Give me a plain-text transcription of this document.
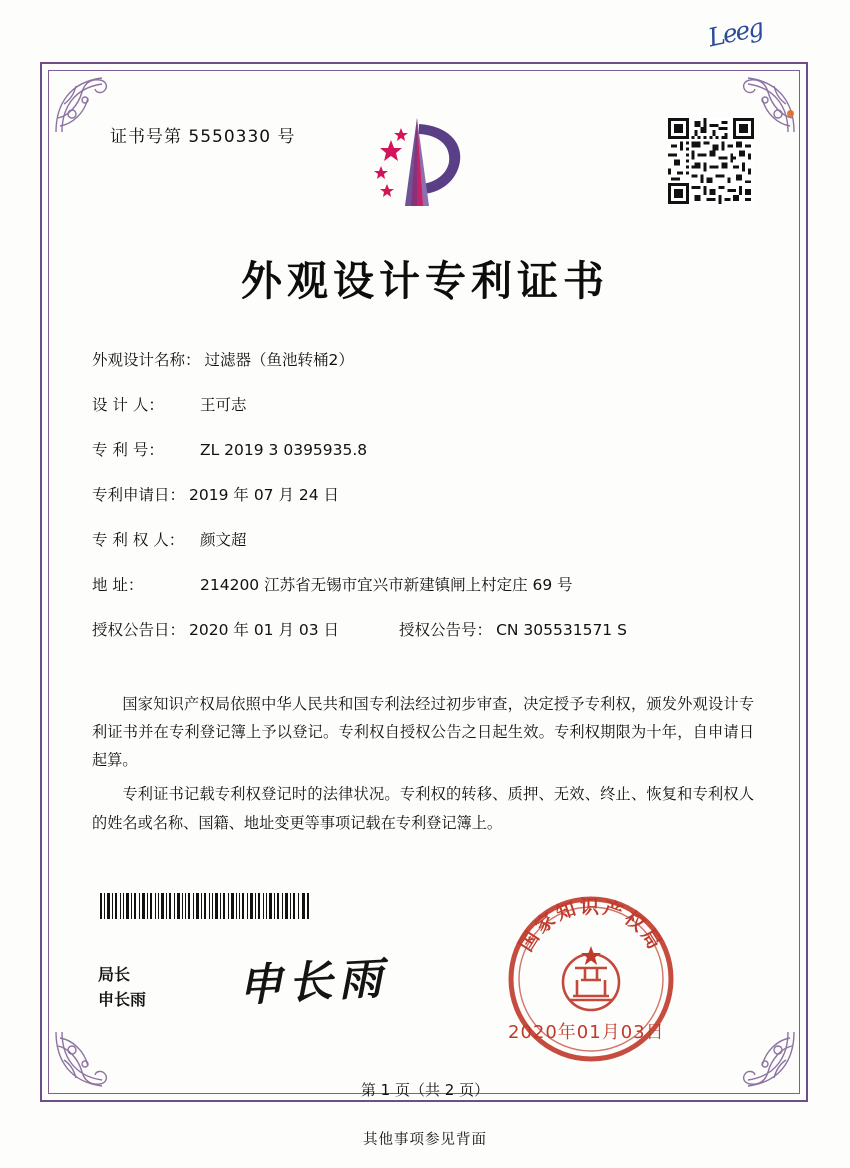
Leeg
证书号第 5550330 号
外观设计专利证书
外观设计名称： 过滤器（鱼池转桶2）
设 计 人：	王可志
专 利 号：	ZL 2019 3 0395935.8
专利申请日： 2019 年 07 月 24 日
专 利 权 人：	颜文超
地 址：	214200 江苏省无锡市宜兴市新建镇闸上村定庄 69 号
授权公告日： 2020 年 01 月 03 日	授权公告号： CN 305531571 S

国家知识产权局依照中华人民共和国专利法经过初步审查，决定授予专利权，颁发外观设计专利证书并在专利登记簿上予以登记。专利权自授权公告之日起生效。专利权期限为十年，自申请日起算。

专利证书记载专利权登记时的法律状况。专利权的转移、质押、无效、终止、恢复和专利权人的姓名或名称、国籍、地址变更等事项记载在专利登记簿上。

局长
申长雨 申长雨
国家知识产权局
2020年01月03日
第 1 页（共 2 页）
其他事项参见背面
